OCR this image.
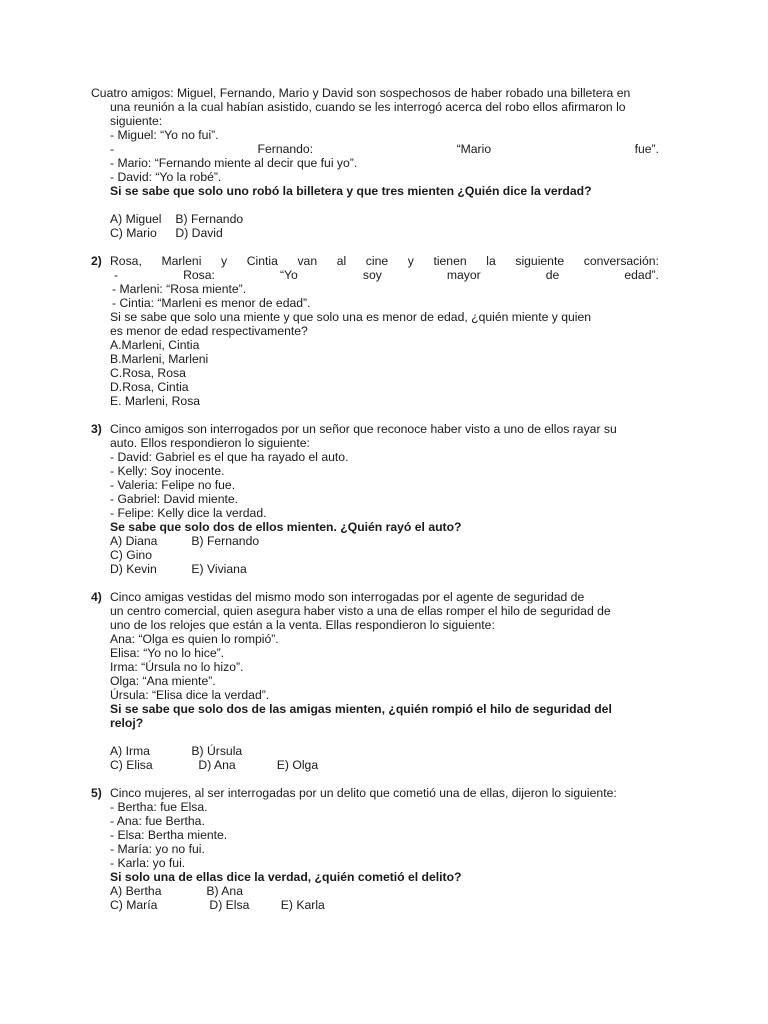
Cuatro amigos: Miguel, Fernando, Mario y David son sospechosos de haber robado una billetera en
una reunión a la cual habían asistido, cuando se les interrogó acerca del robo ellos afirmaron lo
siguiente:
- Miguel: “Yo no fui”.
-	Fernando:	“Mario	fue”.
- Mario: “Fernando miente al decir que fui yo”.
- David: “Yo la robé”.
Si se sabe que solo uno robó la billetera y que tres mienten ¿Quién dice la verdad?
A) Miguel B) Fernando
C) Mario D) David
2) Rosa, Marleni y Cintia van al cine y tienen la siguiente conversación:
-	Rosa:	“Yo	soy	mayor	de	edad”.
- Marleni: “Rosa miente”.
- Cintia: “Marleni es menor de edad”.
Si se sabe que solo una miente y que solo una es menor de edad, ¿quién miente y quien
es menor de edad respectivamente?
A.Marleni, Cintia
B.Marleni, Marleni
C.Rosa, Rosa
D.Rosa, Cintia
E. Marleni, Rosa
3) Cinco amigos son interrogados por un señor que reconoce haber visto a uno de ellos rayar su
auto. Ellos respondieron lo siguiente:
- David: Gabriel es el que ha rayado el auto.
- Kelly: Soy inocente.
- Valeria: Felipe no fue.
- Gabriel: David miente.
- Felipe: Kelly dice la verdad.
Se sabe que solo dos de ellos mienten. ¿Quién rayó el auto?
A) Diana	B) Fernando
C) Gino
D) Kevin	E) Viviana
4) Cinco amigas vestidas del mismo modo son interrogadas por el agente de seguridad de
un centro comercial, quien asegura haber visto a una de ellas romper el hilo de seguridad de
uno de los relojes que están a la venta. Ellas respondieron lo siguiente:
Ana: “Olga es quien lo rompió”.
Elisa: “Yo no lo hice”.
Irma: “Úrsula no lo hizo”.
Olga: “Ana miente”.
Úrsula: “Elisa dice la verdad”.
Si se sabe que solo dos de las amigas mienten, ¿quién rompió el hilo de seguridad del
reloj?
A) Irma	B) Úrsula
C) Elisa	D) Ana	E) Olga
5) Cinco mujeres, al ser interrogadas por un delito que cometió una de ellas, dijeron lo siguiente:
- Bertha: fue Elsa.
- Ana: fue Bertha.
- Elsa: Bertha miente.
- María: yo no fui.
- Karla: yo fui.
Si solo una de ellas dice la verdad, ¿quién cometió el delito?
A) Bertha	B) Ana
C) María	D) Elsa	E) Karla
